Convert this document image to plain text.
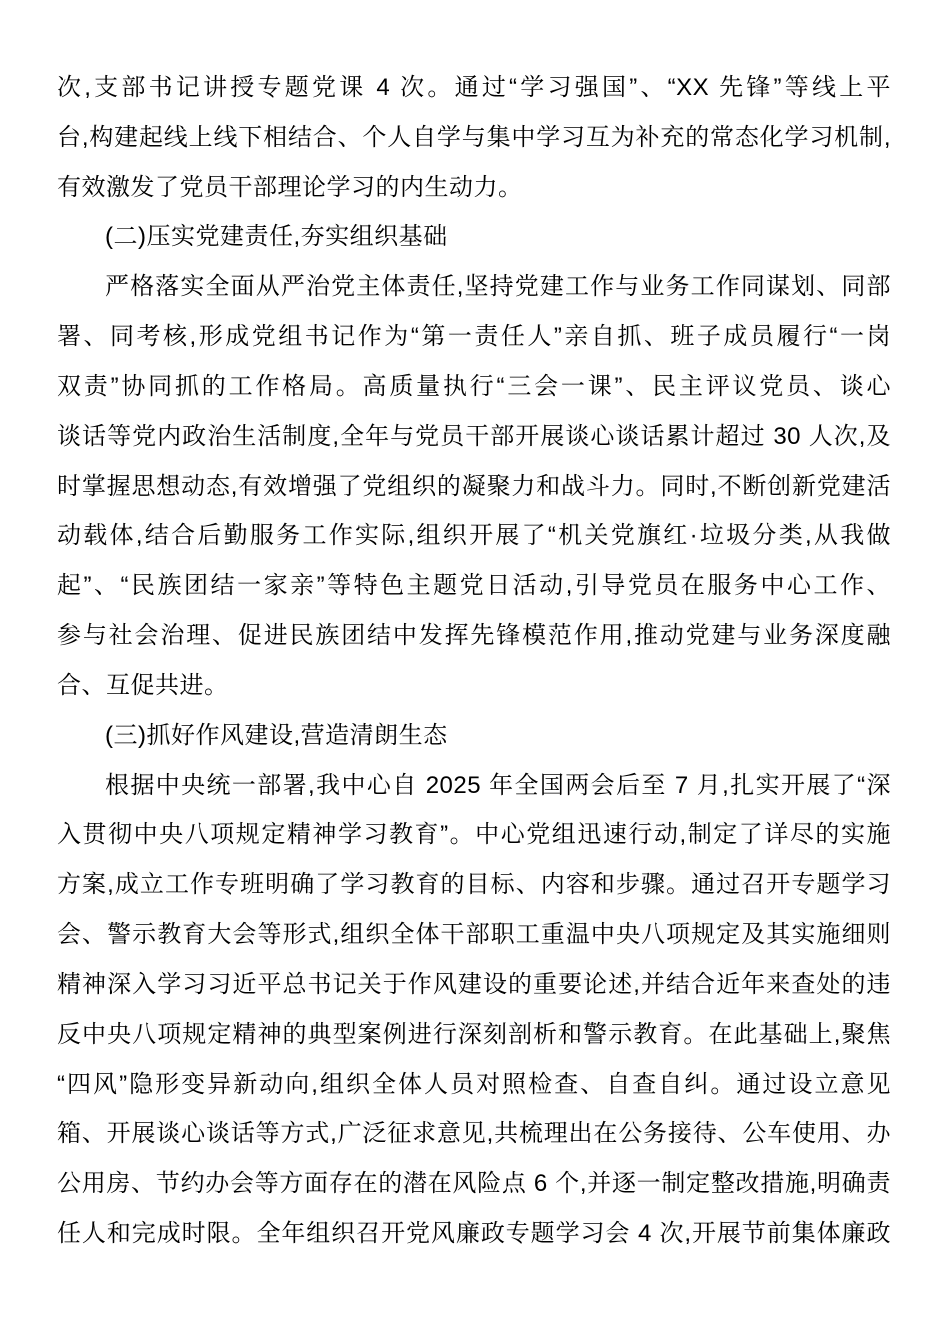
次,支部书记讲授专题党课 4 次。通过“学习强国”、“XX 先锋”等线上平
台,构建起线上线下相结合、个人自学与集中学习互为补充的常态化学习机制,
有效激发了党员干部理论学习的内生动力。
(二)压实党建责任,夯实组织基础
严格落实全面从严治党主体责任,坚持党建工作与业务工作同谋划、同部
署、同考核,形成党组书记作为“第一责任人”亲自抓、班子成员履行“一岗
双责”协同抓的工作格局。高质量执行“三会一课”、民主评议党员、谈心
谈话等党内政治生活制度,全年与党员干部开展谈心谈话累计超过 30 人次,及
时掌握思想动态,有效增强了党组织的凝聚力和战斗力。同时,不断创新党建活
动载体,结合后勤服务工作实际,组织开展了“机关党旗红·垃圾分类,从我做
起”、“民族团结一家亲”等特色主题党日活动,引导党员在服务中心工作、
参与社会治理、促进民族团结中发挥先锋模范作用,推动党建与业务深度融
合、互促共进。
(三)抓好作风建设,营造清朗生态
根据中央统一部署,我中心自 2025 年全国两会后至 7 月,扎实开展了“深
入贯彻中央八项规定精神学习教育”。中心党组迅速行动,制定了详尽的实施
方案,成立工作专班明确了学习教育的目标、内容和步骤。通过召开专题学习
会、警示教育大会等形式,组织全体干部职工重温中央八项规定及其实施细则
精神深入学习习近平总书记关于作风建设的重要论述,并结合近年来查处的违
反中央八项规定精神的典型案例进行深刻剖析和警示教育。在此基础上,聚焦
“四风”隐形变异新动向,组织全体人员对照检查、自查自纠。通过设立意见
箱、开展谈心谈话等方式,广泛征求意见,共梳理出在公务接待、公车使用、办
公用房、节约办会等方面存在的潜在风险点 6 个,并逐一制定整改措施,明确责
任人和完成时限。全年组织召开党风廉政专题学习会 4 次,开展节前集体廉政
